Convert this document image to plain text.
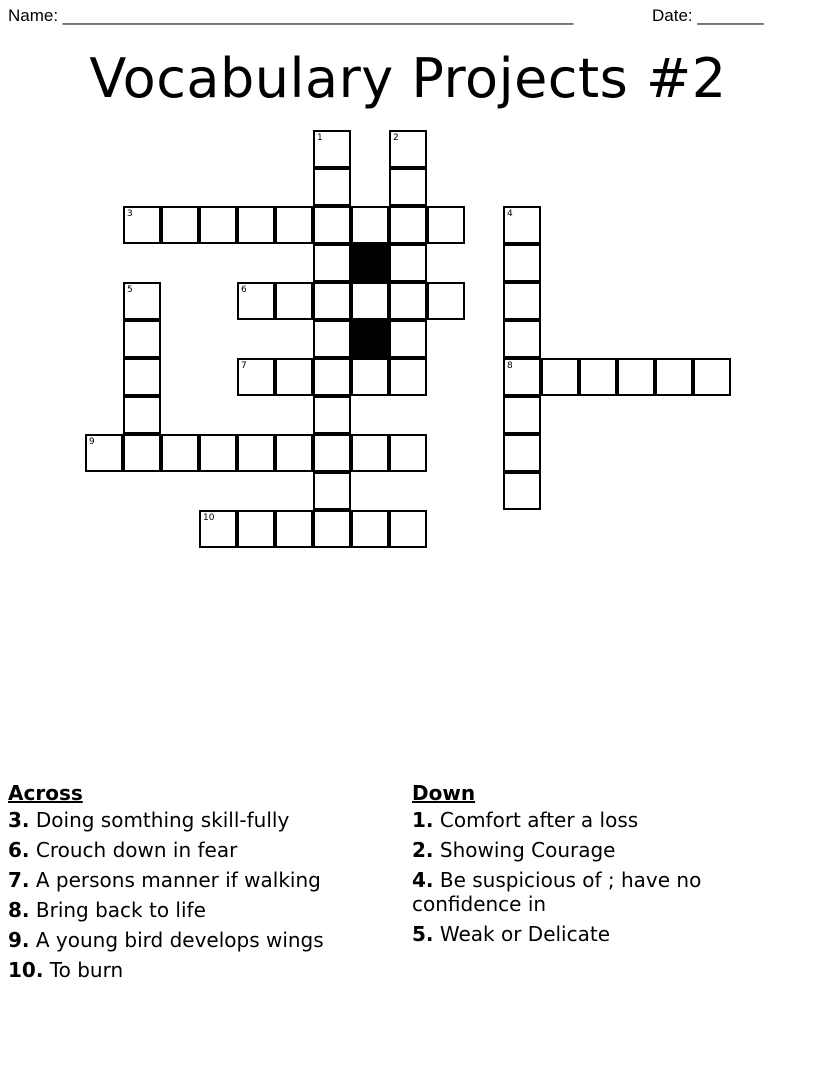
Name: ______________________________________________________	Date: _______
Vocabulary Projects #2
1	2
3	4
5	6
7	8
9
10
Across
3. Doing somthing skill-fully
6. Crouch down in fear
7. A persons manner if walking
8. Bring back to life
9. A young bird develops wings
10. To burn
Down
1. Comfort after a loss
2. Showing Courage
4. Be suspicious of ; have no confidence in
5. Weak or Delicate
